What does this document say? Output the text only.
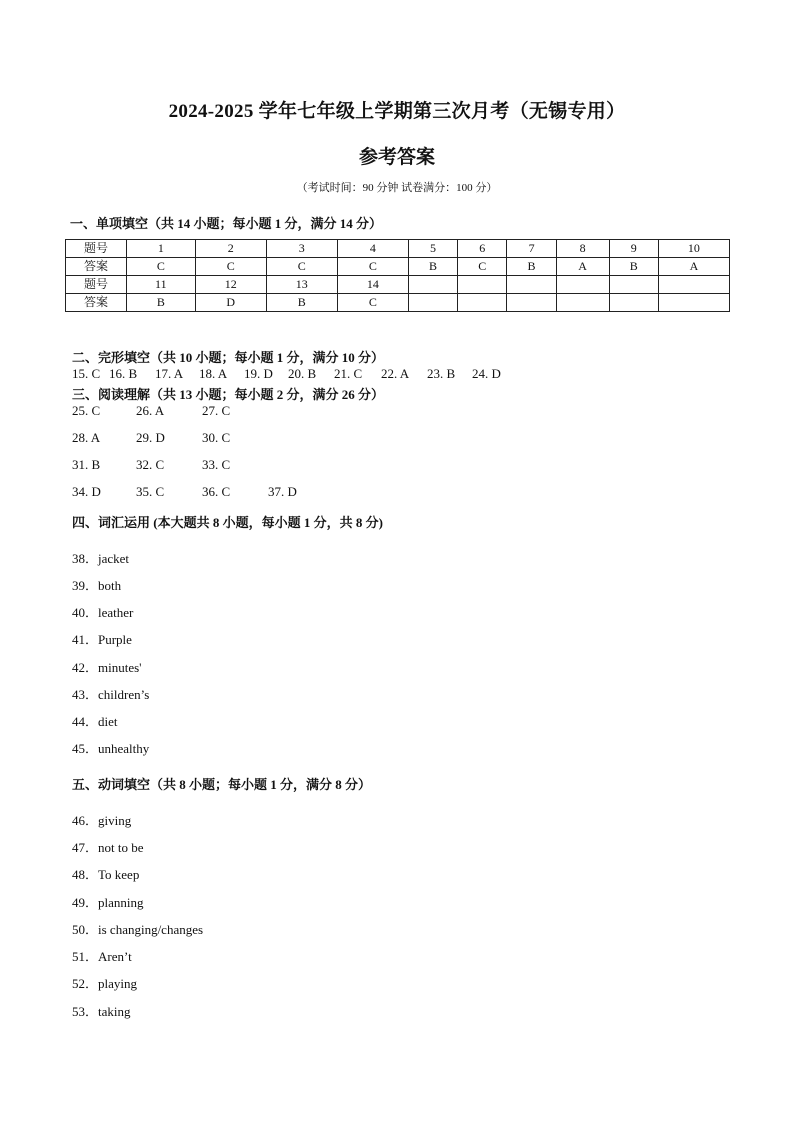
2024-2025 学年七年级上学期第三次月考（无锡专用）
参考答案
（考试时间：90 分钟 试卷满分：100 分）
一、单项填空（共 14 小题；每小题 1 分，满分 14 分）
题号	1	2	3	4	5	6	7	8	9	10
答案	C	C	C	C	B	C	B	A	B	A
题号	11	12	13	14						
答案	B	D	B	C						
二、完形填空（共 10 小题；每小题 1 分，满分 10 分）
15. C 16. B 17. A 18. A 19. D 20. B 21. C 22. A 23. B 24. D
三、阅读理解（共 13 小题；每小题 2 分，满分 26 分）
25. C	26. A	27. C
28. A	29. D	30. C
31. B	32. C	33. C
34. D	35. C	36. C	37. D
四、词汇运用 (本大题共 8 小题，每小题 1 分，共 8 分)
38．jacket
39．both
40．leather
41．Purple
42．minutes'
43．children’s
44．diet
45．unhealthy
五、动词填空（共 8 小题；每小题 1 分，满分 8 分）
46．giving
47．not to be
48．To keep
49．planning
50．is changing/changes
51．Aren’t
52．playing
53．taking
